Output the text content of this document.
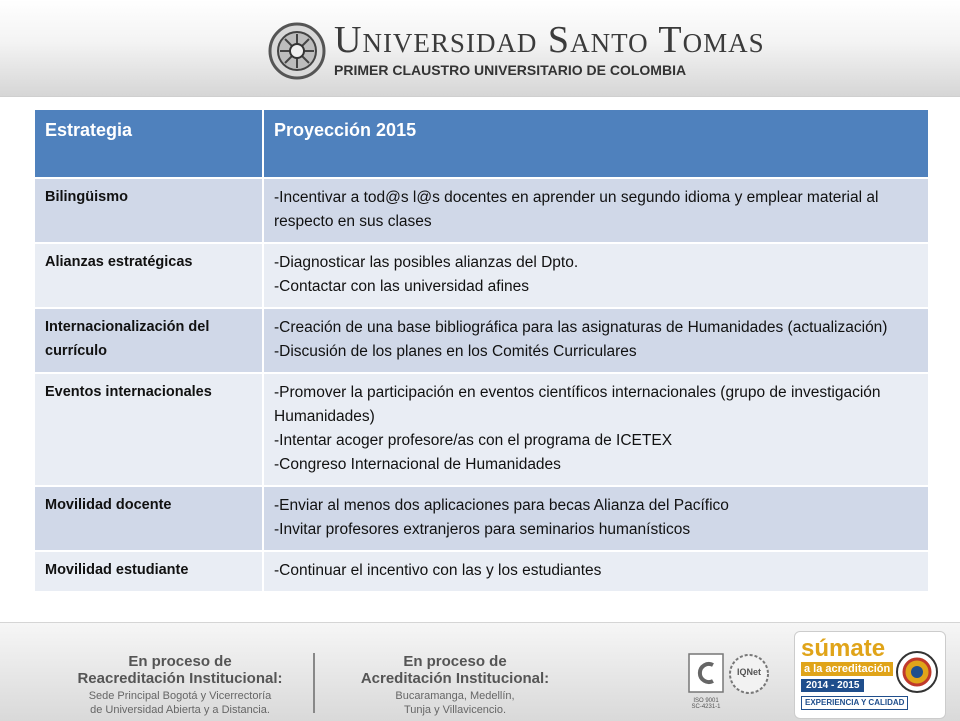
Universidad Santo Tomas
PRIMER CLAUSTRO UNIVERSITARIO DE COLOMBIA
Estrategia	Proyección 2015
Bilingüismo	-Incentivar a tod@s l@s docentes en aprender un segundo idioma y emplear material al respecto en sus clases

Alianzas estratégicas	-Diagnosticar las posibles alianzas del Dpto.
-Contactar con las universidad afines

Internacionalización del currículo	-Creación de una base bibliográfica para las asignaturas de Humanidades (actualización)
-Discusión de los planes en los Comités Curriculares

Eventos internacionales	-Promover la participación en eventos científicos internacionales (grupo de investigación Humanidades)
-Intentar acoger profesore/as con el programa de ICETEX
-Congreso Internacional de Humanidades

Movilidad docente	-Enviar al menos dos aplicaciones para becas Alianza del Pacífico
-Invitar profesores extranjeros para seminarios humanísticos

Movilidad estudiante	-Continuar el incentivo con las y los estudiantes
En proceso de
Reacreditación Institucional:
Sede Principal Bogotá y Vicerrectoría
de Universidad Abierta y a Distancia.
En proceso de
Acreditación Institucional:
Bucaramanga, Medellín,
Tunja y Villavicencio.
ISO 9001
SC-4231-1
IQNet
súmate
a la acreditación
2014 - 2015
EXPERIENCIA Y CALIDAD
